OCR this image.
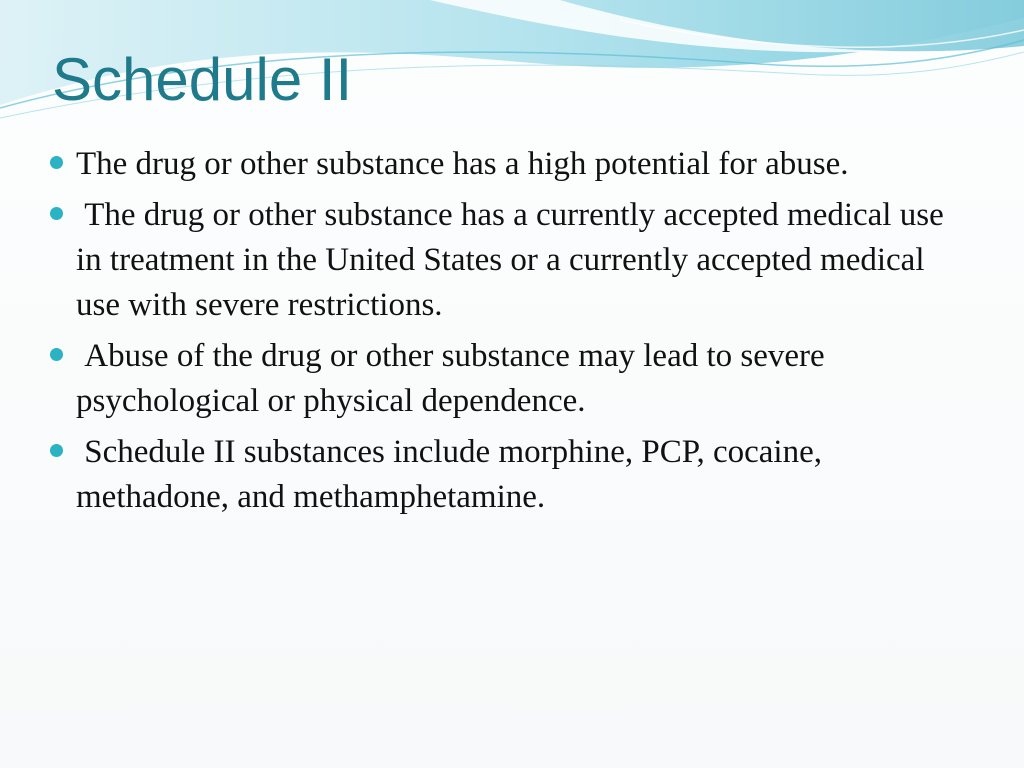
Schedule II
The drug or other substance has a high potential for abuse.
The drug or other substance has a currently accepted medical use in treatment in the United States or a currently accepted medical use with severe restrictions.
Abuse of the drug or other substance may lead to severe psychological or physical dependence.
Schedule II substances include morphine, PCP, cocaine, methadone, and methamphetamine.
